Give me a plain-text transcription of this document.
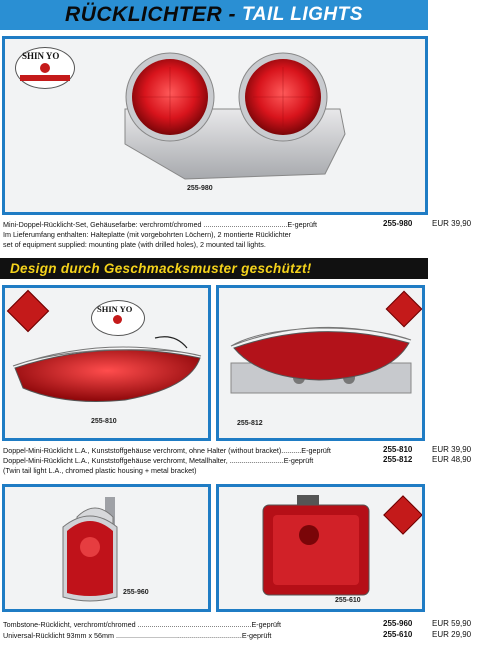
RÜCKLICHTER - TAIL LIGHTS
SHIN YO
255-980
Mini-Doppel-Rücklicht-Set, Gehäusefarbe: verchromt/chromed ..........................................E-geprüft	255-980 EUR 39,90
Im Lieferumfang enthalten: Halteplatte (mit vorgebohrten Löchern), 2 montierte Rücklichter
set of equipment supplied: mounting plate (with drilled holes), 2 mounted tail lights.
Design durch Geschmacksmuster geschützt!
SHIN YO
255-810	255-812
Doppel-Mini-Rücklicht L.A., Kunststoffgehäuse verchromt, ohne Halter (without bracket)..........E-geprüft	255-810 EUR 39,90
Doppel-Mini-Rücklicht L.A., Kunststoffgehäuse verchromt, Metallhalter, ...........................E-geprüft	255-812 EUR 48,90
(Twin tail light L.A., chromed plastic housing + metal bracket)
255-960
255-610
Tombstone-Rücklicht, verchromt/chromed .........................................................E-geprüft	255-960 EUR 59,90
Universal-Rücklicht 93mm x 56mm ...............................................................E-geprüft	255-610 EUR 29,90
